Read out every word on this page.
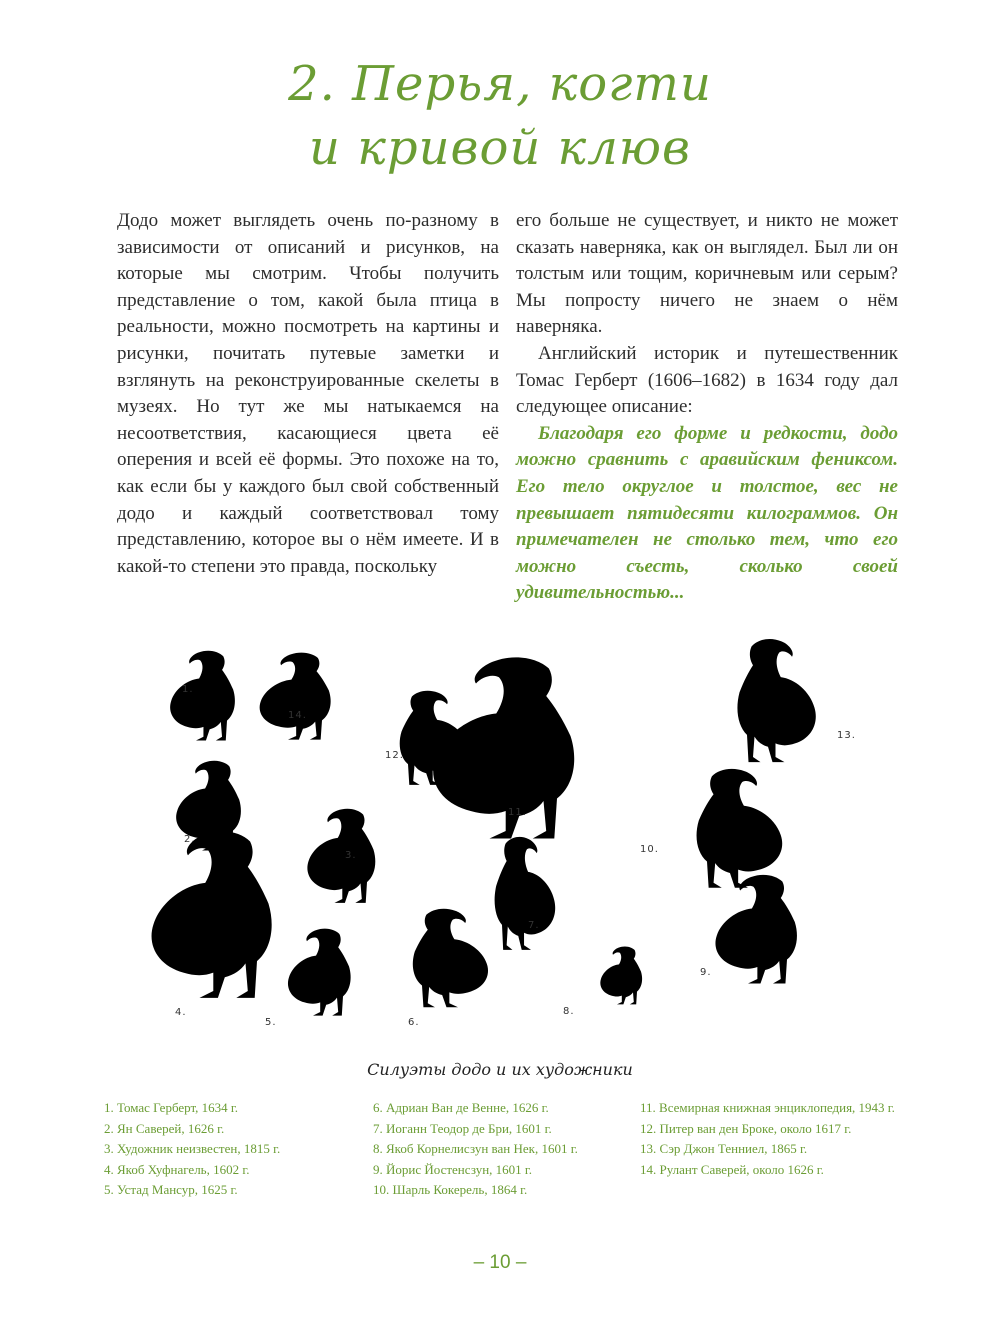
2. Перья, когти
и кривой клюв

Додо может выглядеть очень по-разному в зависимости от описаний и рисунков, на которые мы смотрим. Чтобы получить представление о том, какой была птица в реальности, можно посмотреть на картины и рисунки, почитать путевые заметки и взглянуть на реконструированные скелеты в музеях. Но тут же мы натыкаемся на несоответствия, касающиеся цвета её оперения и всей её формы. Это похоже на то, как если бы у каждого был свой собственный додо и каждый соответствовал тому представлению, которое вы о нём имеете. И в какой-то степени это правда, поскольку

его больше не существует, и никто не может сказать наверняка, как он выглядел. Был ли он толстым или тощим, коричневым или серым? Мы попросту ничего не знаем о нём наверняка.

Английский историк и путешественник Томас Герберт (1606–1682) в 1634 году дал следующее описание:

Благодаря его форме и редкости, додо можно сравнить с аравийским фениксом. Его тело округлое и толстое, вес не превышает пятидесяти килограммов. Он примечателен не столько тем, что его можно съесть, сколько своей удивительностью...

1.
14.
12.
2.
3.
11.
13.
10.
4.
5.	6.
7.
8.
9.
Силуэты додо и их художники
1. Томас Герберт, 1634 г.
2. Ян Саверей, 1626 г.
3. Художник неизвестен, 1815 г.
4. Якоб Хуфнагель, 1602 г.
5. Устад Мансур, 1625 г.
6. Адриан Ван де Венне, 1626 г.
7. Иоганн Теодор де Бри, 1601 г.
8. Якоб Корнелисзун ван Нек, 1601 г.
9. Йорис Йостенсзун, 1601 г.
10. Шарль Кокерель, 1864 г.
11. Всемирная книжная энциклопедия, 1943 г.
12. Питер ван ден Броке, около 1617 г.
13. Сэр Джон Тенниел, 1865 г.
14. Рулант Саверей, около 1626 г.
– 10 –
